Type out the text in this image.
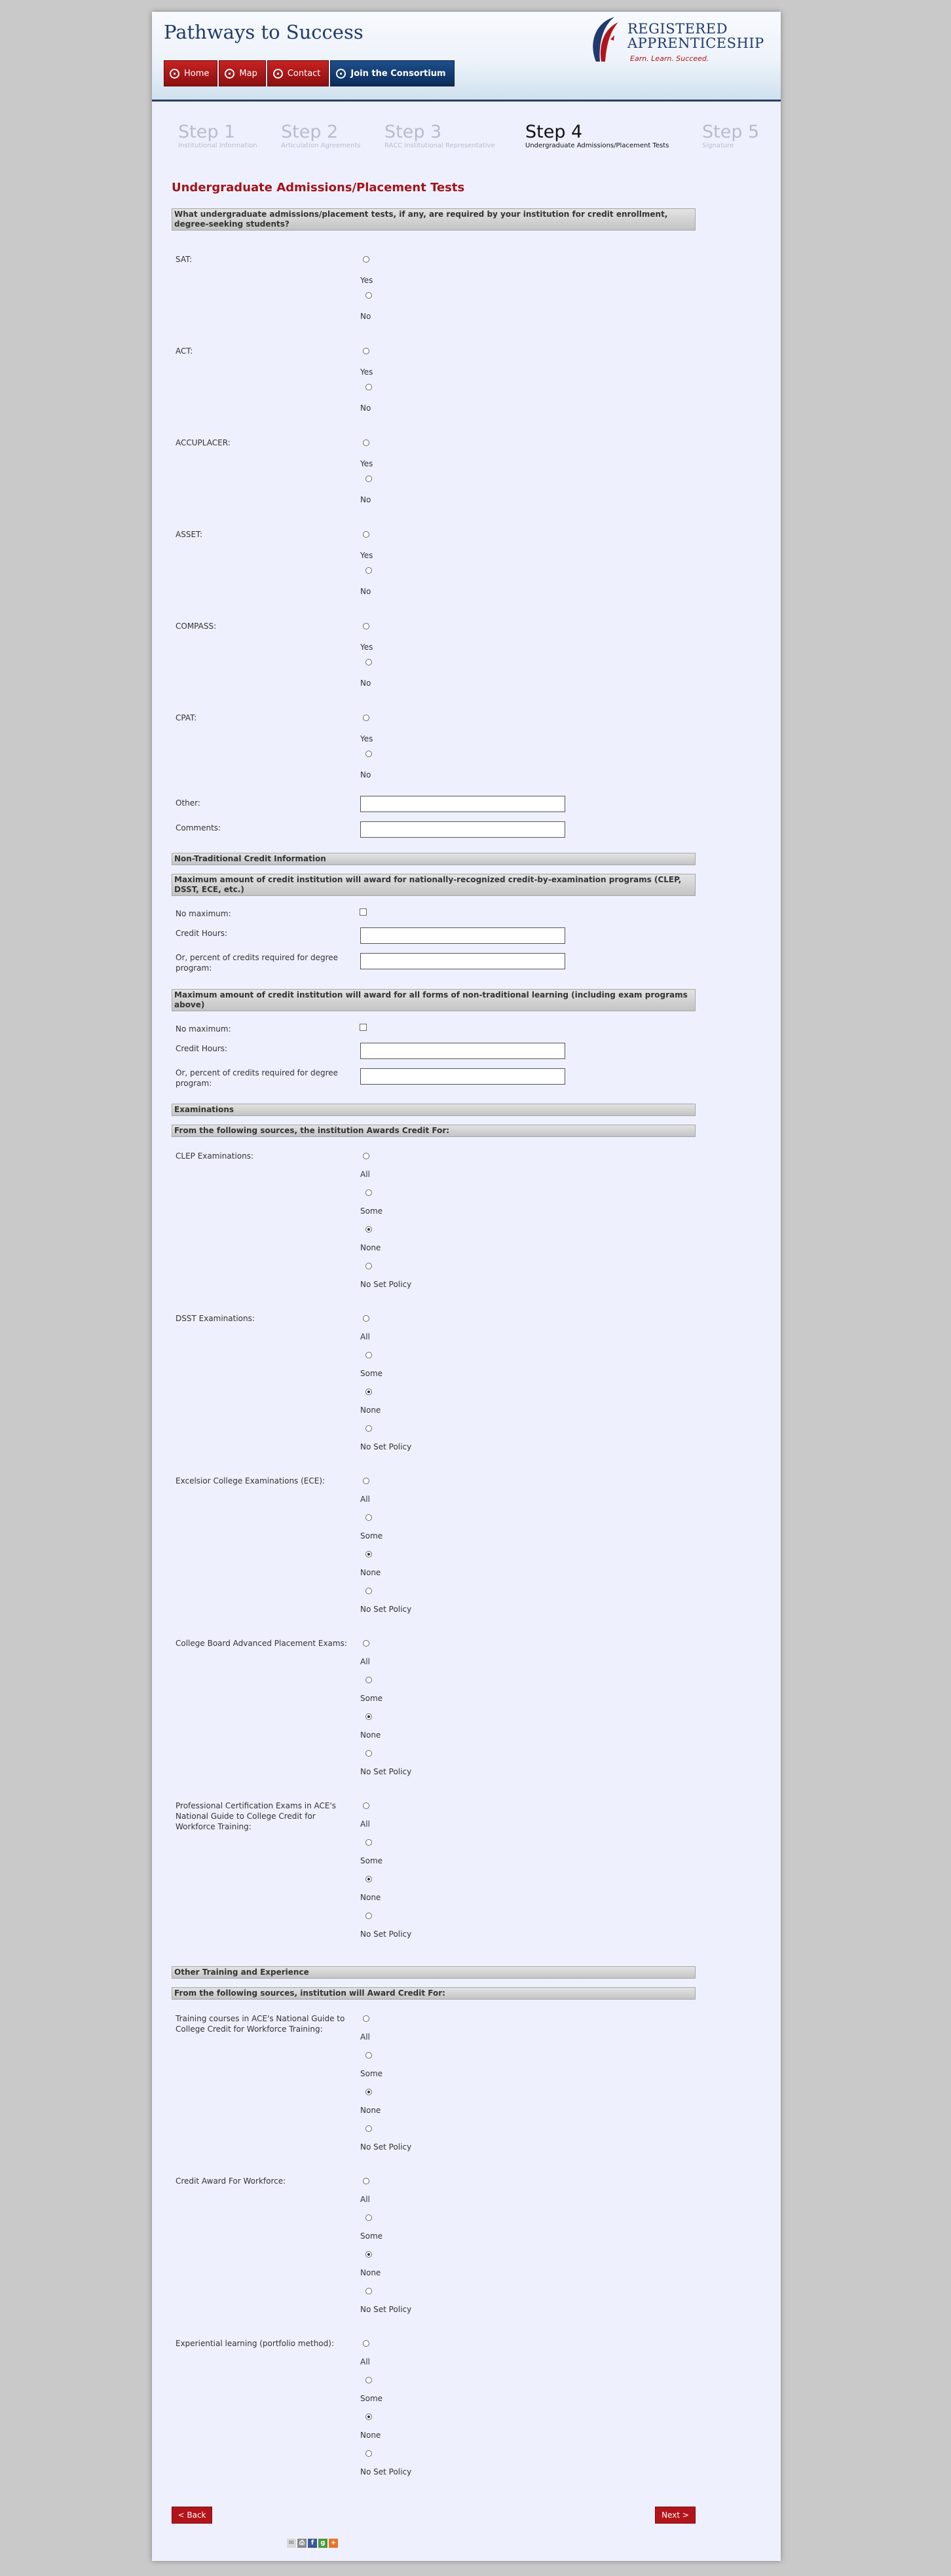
Pathways to Success	REGISTERED
APPRENTICESHIP
Earn. Learn. Succeed.
Home	Map	Contact	Join the Consortium
Step 1
Institutional Information
Step 2
Articulation Agreements
Step 3
RACC Institutional Representative
Step 4
Undergraduate Admissions/Placement Tests
Step 5
Signature
Undergraduate Admissions/Placement Tests
What undergraduate admissions/placement tests, if any, are required by your institution for credit enrollment, degree-seeking students?
SAT:
Yes
No
ACT:
Yes
No
ACCUPLACER:
Yes
No
ASSET:
Yes
No
COMPASS:
Yes
No
CPAT:
Yes
No
Other:
Comments:
Non-Traditional Credit Information
Maximum amount of credit institution will award for nationally-recognized credit-by-examination programs (CLEP, DSST, ECE, etc.)
No maximum:
Credit Hours:
Or, percent of credits required for degree program:
Maximum amount of credit institution will award for all forms of non-traditional learning (including exam programs above)
No maximum:
Credit Hours:
Or, percent of credits required for degree program:
Examinations
From the following sources, the institution Awards Credit For:
CLEP Examinations:
All
Some
None
No Set Policy
DSST Examinations:
All
Some
None
No Set Policy
Excelsior College Examinations (ECE):
All
Some
None
No Set Policy
College Board Advanced Placement Exams:
All
Some
None
No Set Policy
Professional Certification Exams in ACE's National Guide to College Credit for Workforce Training:	All
Some
None
No Set Policy
Other Training and Experience
From the following sources, institution will Award Credit For:
Training courses in ACE's National Guide to College Credit for Workforce Training:
All
Some
None
No Set Policy
Credit Award For Workforce:
All
Some
None
No Set Policy
Experiential learning (portfolio method):
All
Some
None
No Set Policy
< Back	Next >
✉ ⎙ f	g +
